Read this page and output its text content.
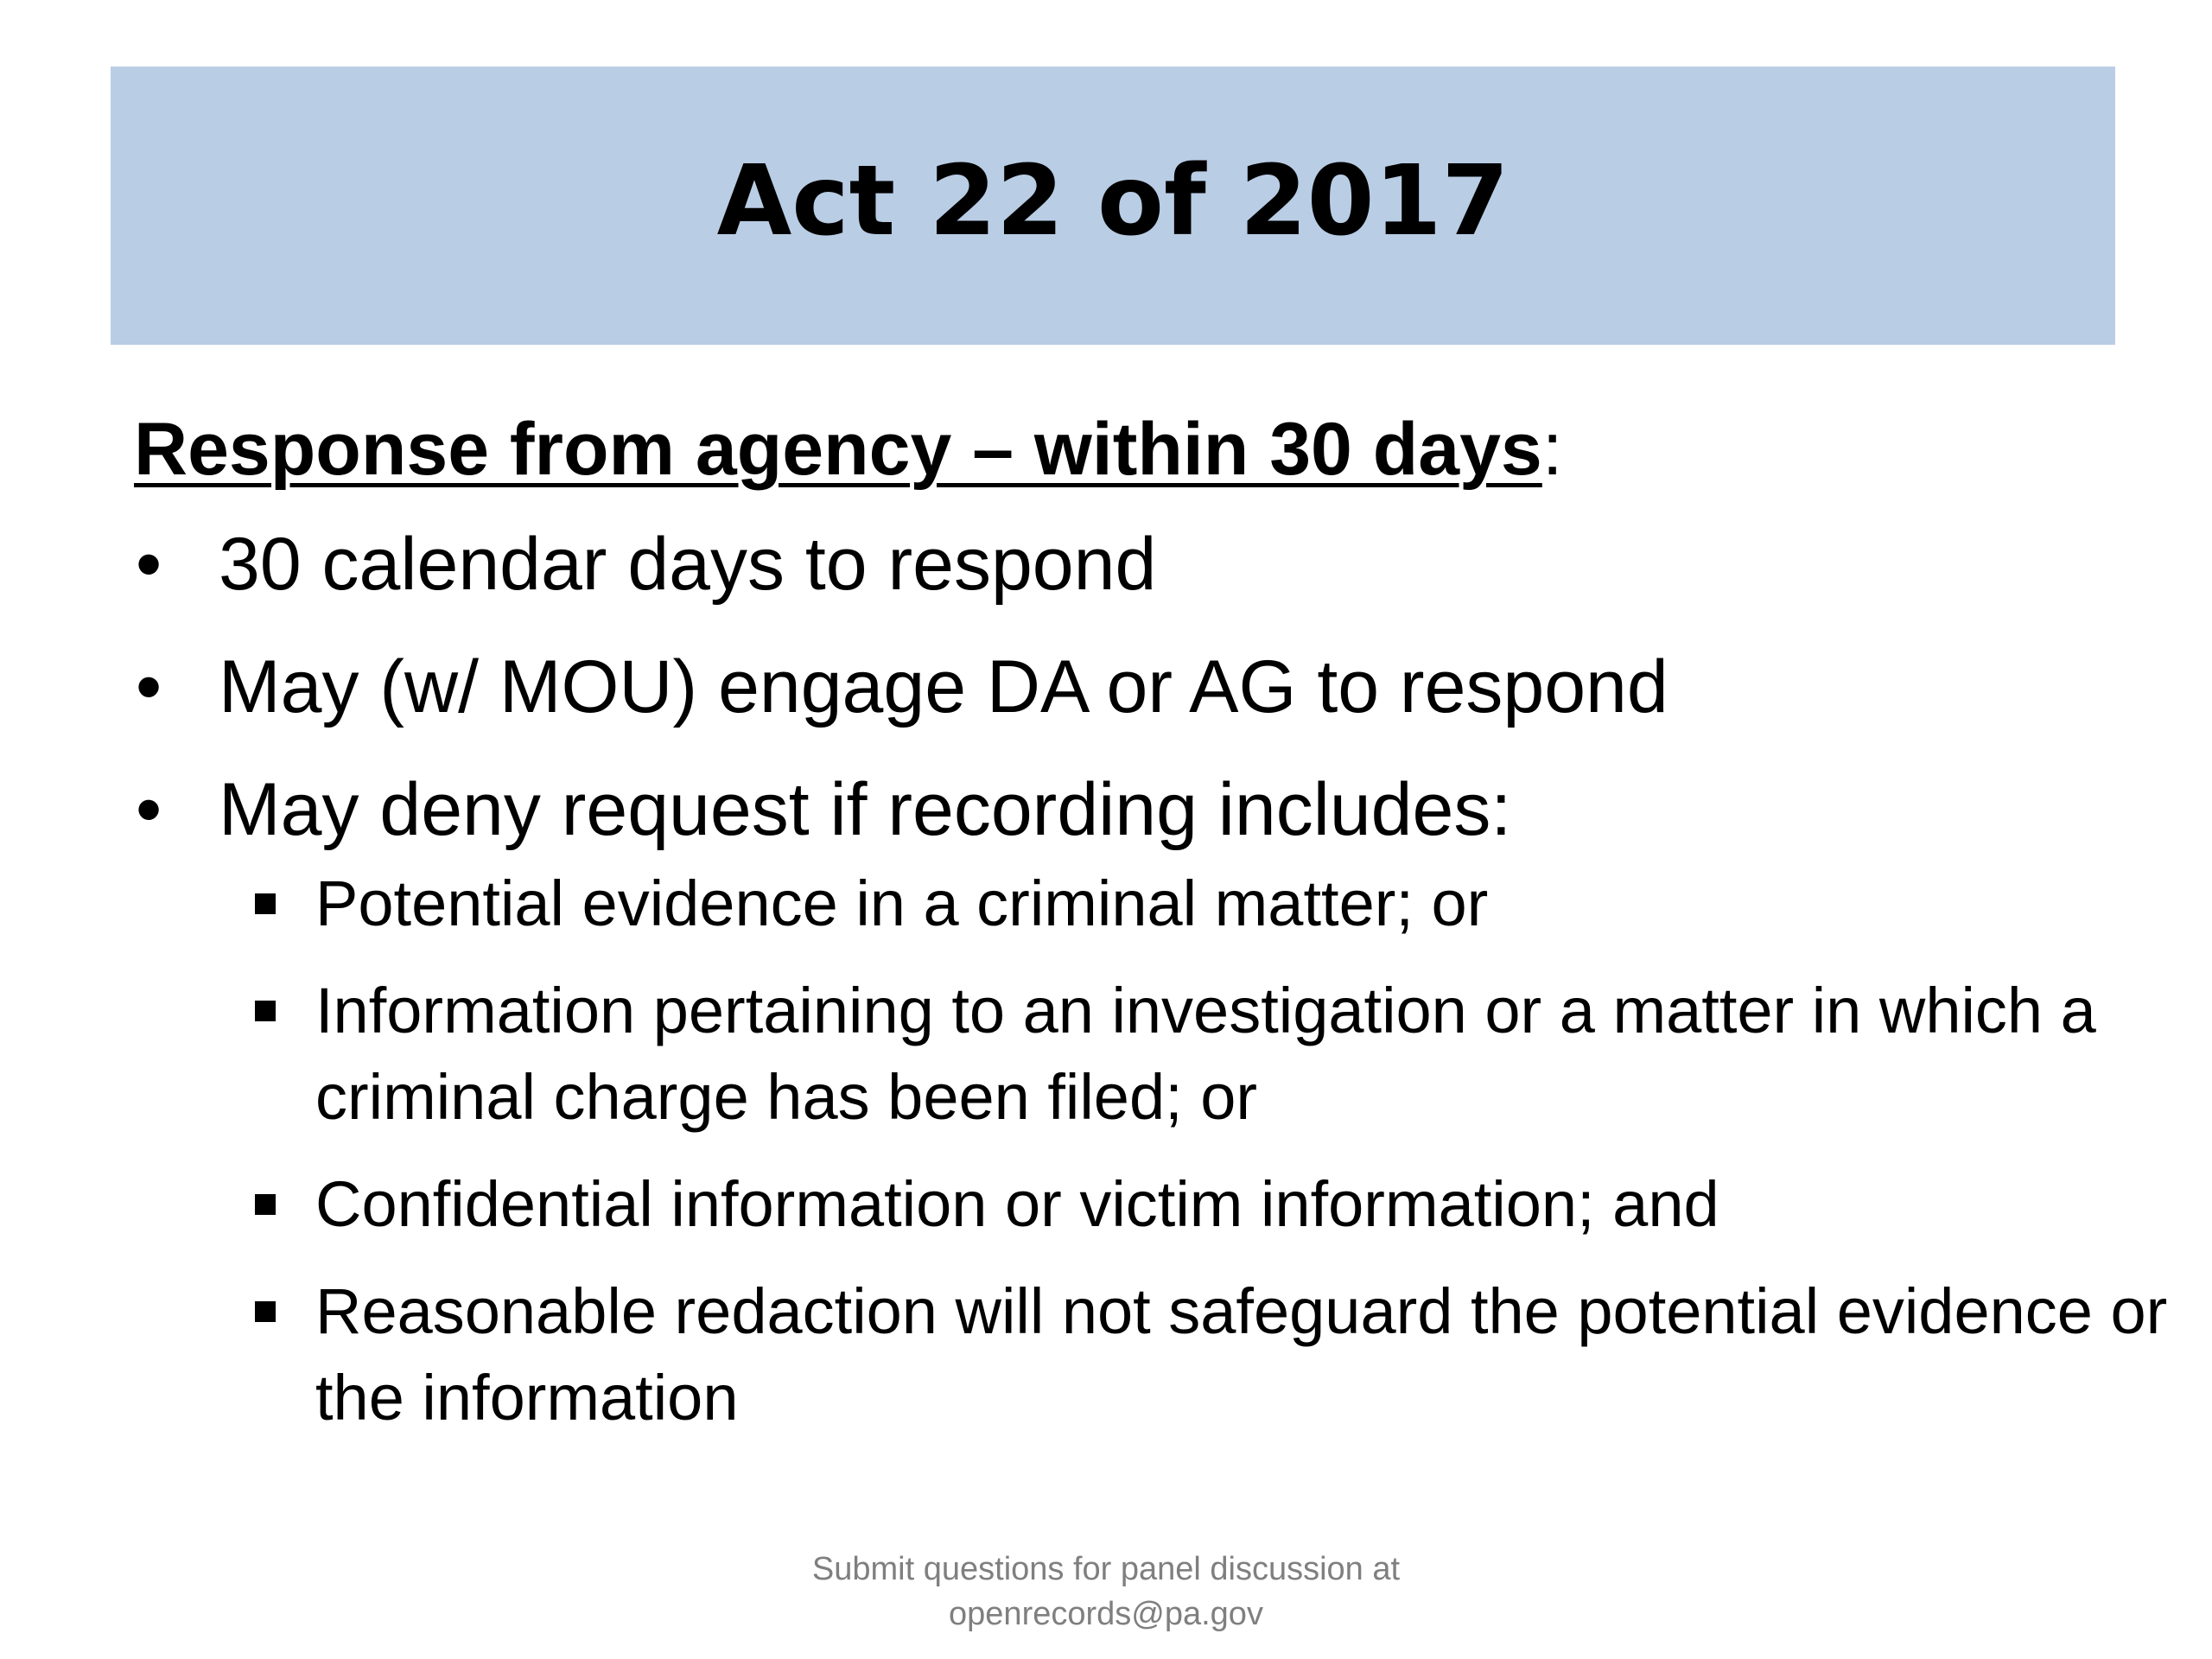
Act 22 of 2017
Response from agency – within 30 days:
• 30 calendar days to respond
• May (w/ MOU) engage DA or AG to respond
• May deny request if recording includes:
Potential evidence in a criminal matter; or
Information pertaining to an investigation or a matter in which a criminal charge has been filed; or
Confidential information or victim information; and
Reasonable redaction will not safeguard the potential evidence or the information
Submit questions for panel discussion at
openrecords@pa.gov
